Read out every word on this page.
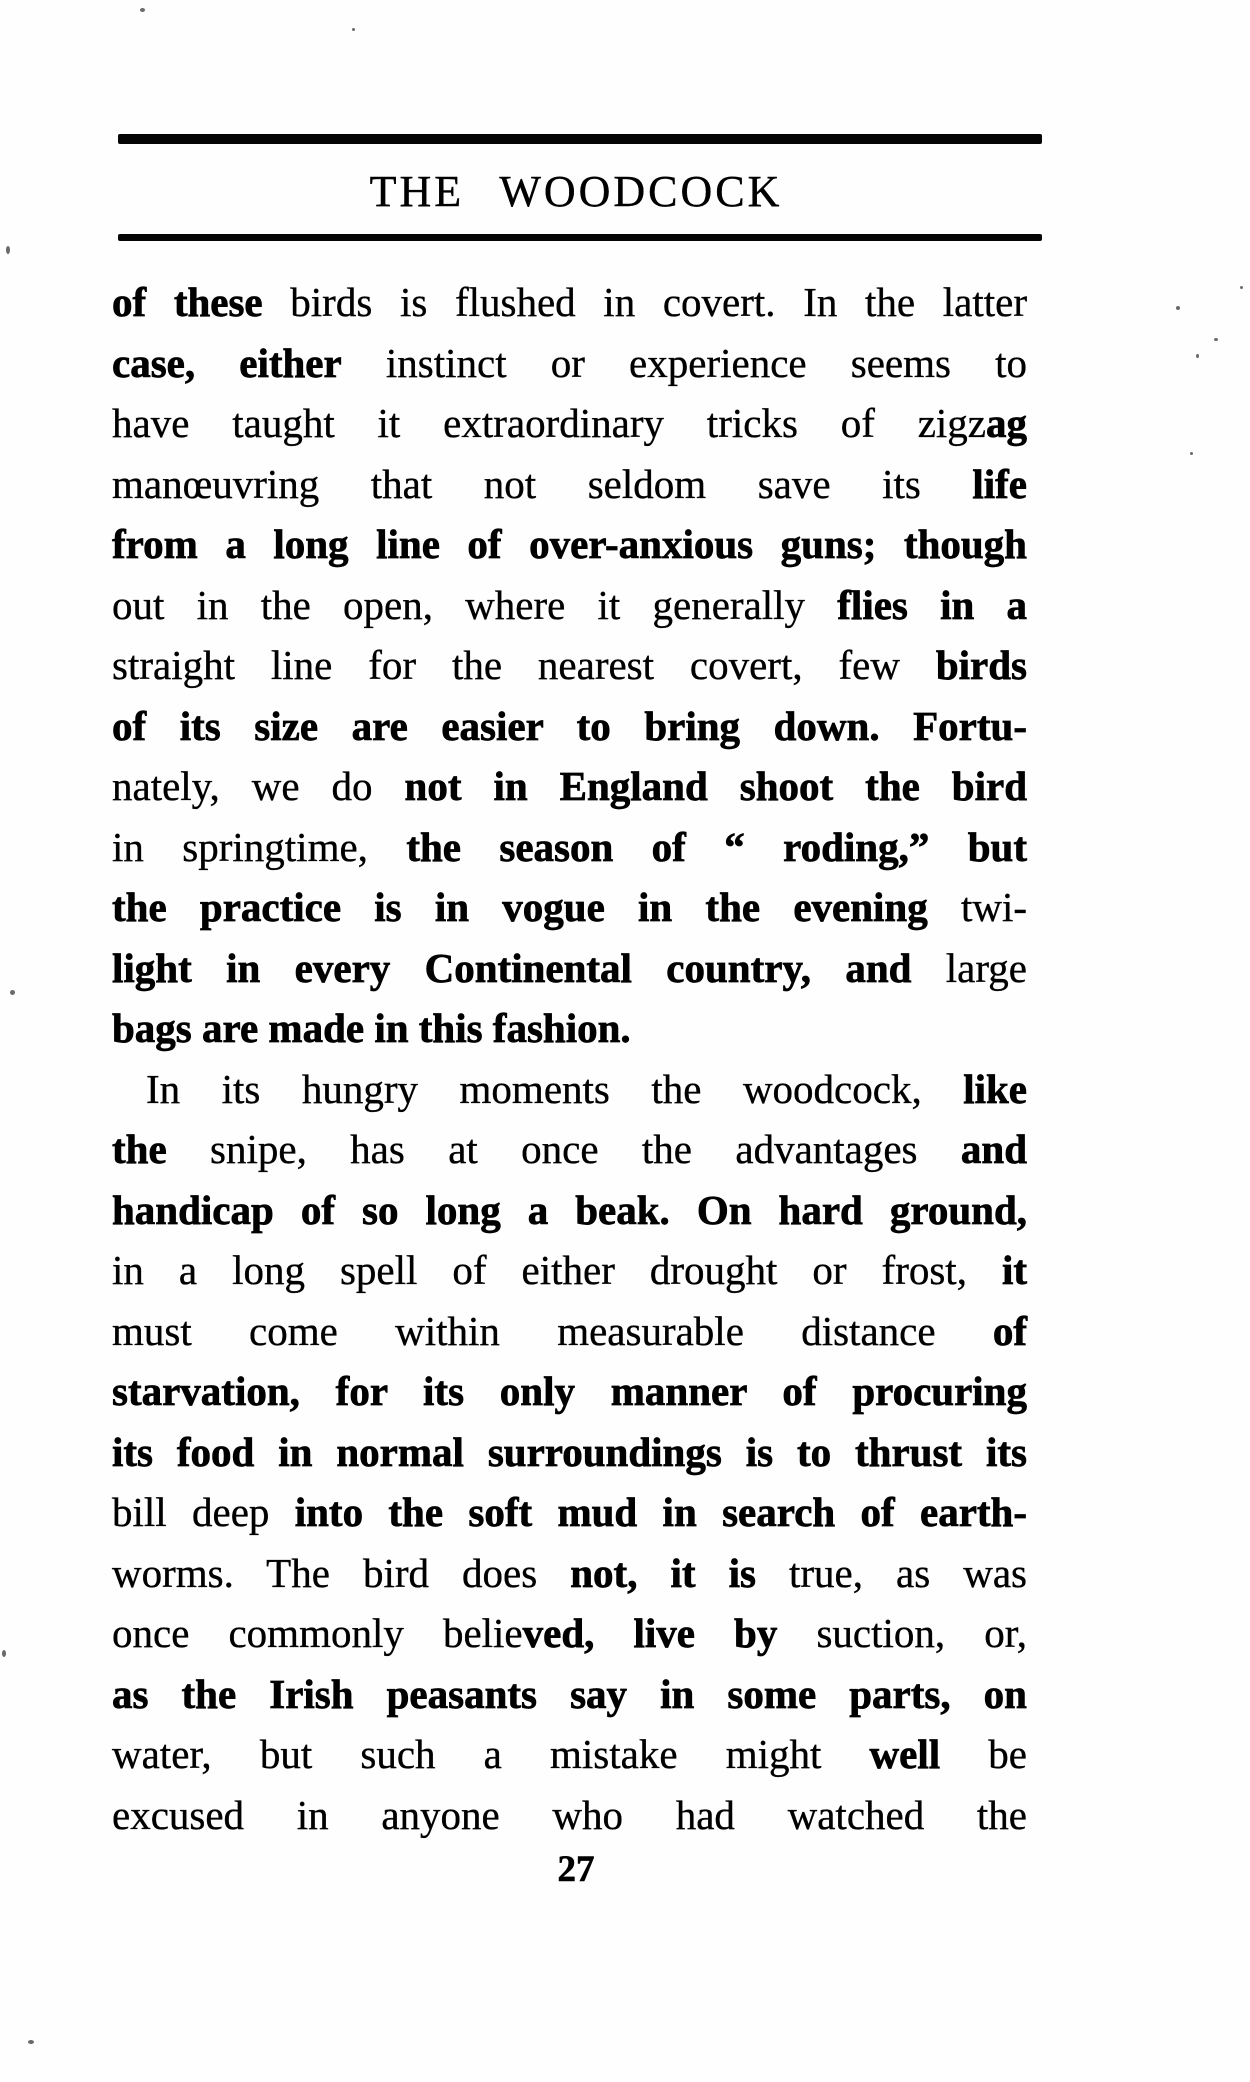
THE WOODCOCK
of these birds is flushed in covert. In the latter
case, either instinct or experience seems to
have taught it extraordinary tricks of zigzag
manœuvring that not seldom save its life
from a long line of over-anxious guns; though
out in the open, where it generally flies in a
straight line for the nearest covert, few birds
of its size are easier to bring down. Fortu-
nately, we do not in England shoot the bird
in springtime, the season of “ roding,” but
the practice is in vogue in the evening twi-
light in every Continental country, and large
bags are made in this fashion.
In its hungry moments the woodcock, like
the snipe, has at once the advantages and
handicap of so long a beak. On hard ground,
in a long spell of either drought or frost, it
must come within measurable distance of
starvation, for its only manner of procuring
its food in normal surroundings is to thrust its
bill deep into the soft mud in search of earth-
worms. The bird does not, it is true, as was
once commonly believed, live by suction, or,
as the Irish peasants say in some parts, on
water, but such a mistake might well be
excused in anyone who had watched the
27
